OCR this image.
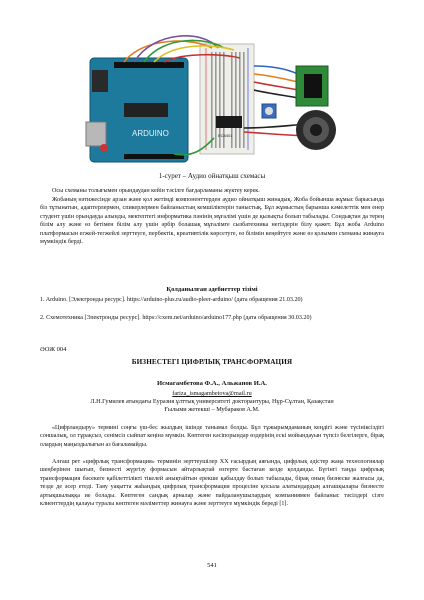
ARDUINO	EC8401
1-сурет – Аудио ойнатқыш схемасы

Осы схеманы толығымен орындаудан кейін тәсілге бағдарламаны жүктеу керек.

Жобаның нәтижесінде арзан және қол жетімді компоненттерден аудио ойнатқыш жинадық. Жоба бойынша жұмыс барысында біз тұтынатын, адаптерлермен, спикерлермен байланыстың кемшіліктерін таныстық. Бұл жұмыстың барынша кәмелеттік мен енер студент үшін орындауда алынды, мектептегі информатика пәнінің мұғалімі үшін де қызықты болып табылады. Сондықтан да терең білім алу және өз бетімен білім алу үшін әрбір болашақ мұғалімге сызбатехника негіздерін білу қажет. Бұл жоба Arduino платформасын егжей-тегжейлі зерттеуге, пербектік, креативтілік көрсетуге, өз білімін кеңейтуге және өз қолымен схеманы жинауға мүмкіндік берді.

Қолданылған әдебиеттер тізімі

1. Arduino. [Электронды ресурс]. https://arduino-plus.ru/audio-pleer-arduino/ (дата обращения 21.03.20)

2. Схемотехника [Электронды ресурс]. https://cxem.net/arduino/arduino177.php (дата обращения 30.03.20)

ӘОЖ 004
БИЗНЕСТЕГІ ЦИФРЛЫҚ ТРАНСФОРМАЦИЯ
Исмагамбетова Ф.А., Альжанов И.А.
fariza_ismagambetova@mail.ru
Л.Н.Гумилев атындағы Еуразия ұлттық университеті докторантуры, Нұр-Сұлтан, Қазақстан
Ғылыми жетекші – Мубараков А.М.

«Цифрландыру» термині соңғы үш-бес жылдың ішінде танымал болды. Бұл тұжырымдаманың кеңдігі және түсініксіздігі соншалық, ол тұрақсыз, сенімсіз сыйпат кеңінә мүмкін. Көптеген кәсіпорындар өздерінің ескі мойындауын түпсіз белгілерге, бірақ олардың маңыздылығын аз бағаламайды.

Алғаш рет «цифрлық трансформация» терминін зерттеушілер XX ғасырдың аяғында, цифрлық әдістер жаңа технологиялар шеңберінен шығып, бизнесті жүргізу формасын айтарлықтай өзгерте бастаған кезде қолданды. Бүгінгі таңда цифрлық трансформация бәсекеге қабілеттілікті тікелей анықтайтын ерекше қабылдау болып табылады, бірақ оның бизнеске жалғасы да, тезде де әсер етеді. Таяу уақытта жаһандық цифрлық трансформация процесіне қосыла алатындардың алғашқылары бизнесте артықшылыққа ие болады. Көптеген сандық арналар және пайдаланушылардың компаниямен байланыс тәсілдері сізге клиенттердің қалауы туралы көптеген мәліметтер жинауға және зерттеуге мүмкіндік береді [1].

541
